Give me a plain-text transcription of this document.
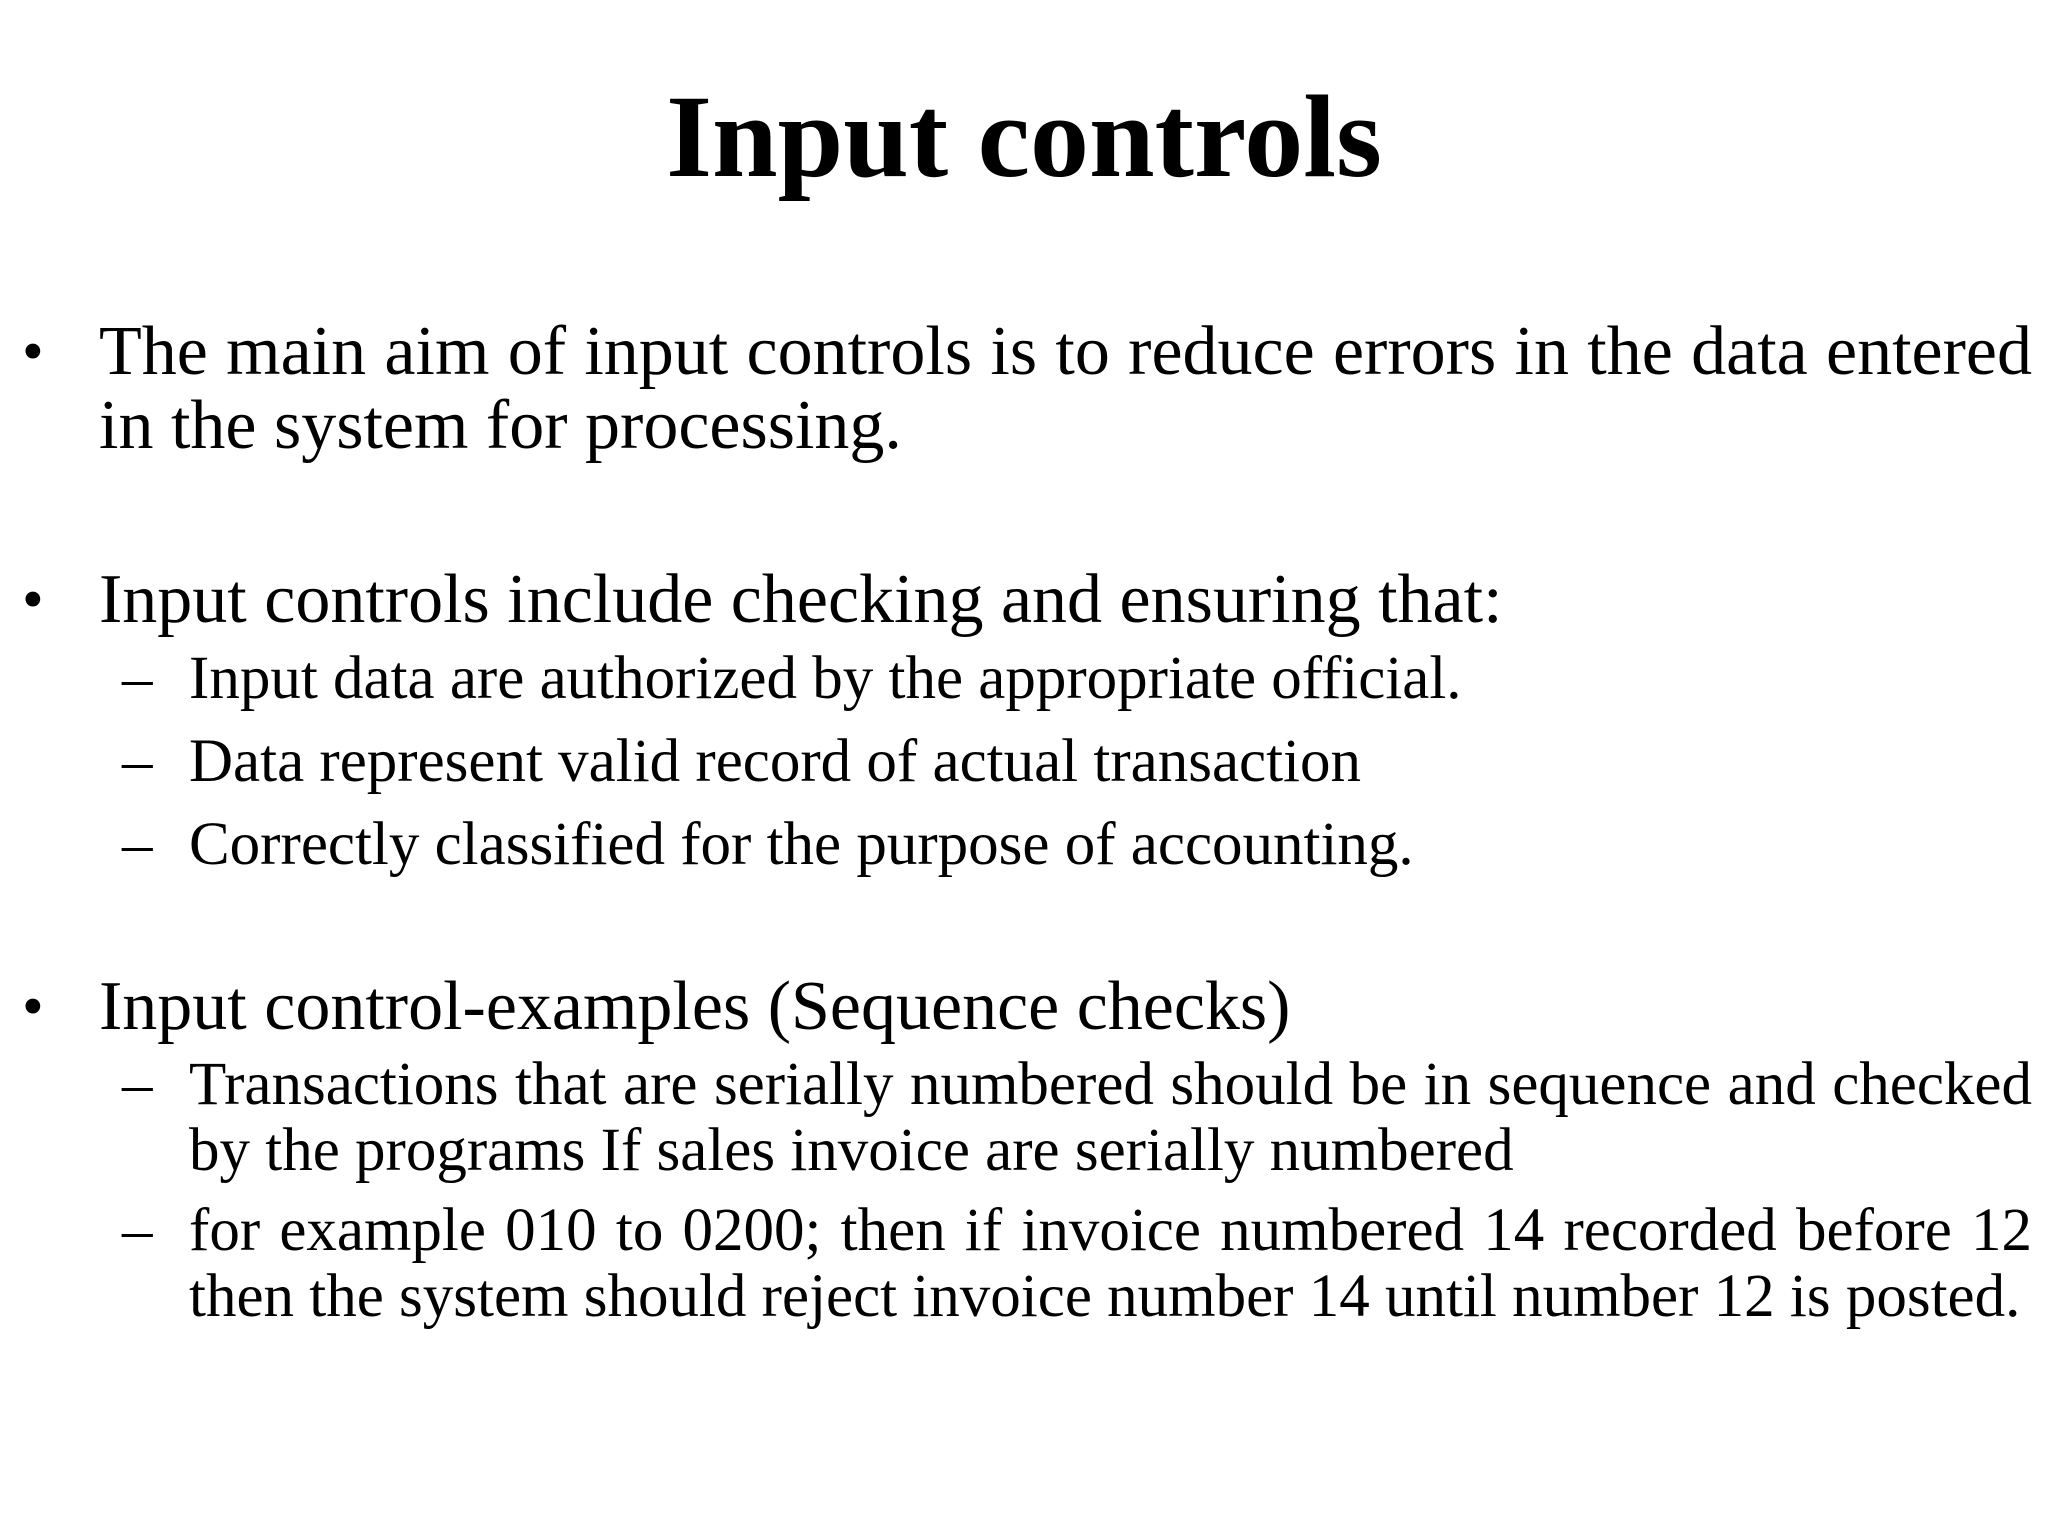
Input controls
• The main aim of input controls is to reduce errors in the data entered in the system for processing.
• Input controls include checking and ensuring that:
– Input data are authorized by the appropriate official.
– Data represent valid record of actual transaction
– Correctly classified for the purpose of accounting.
• Input control-examples (Sequence checks)
– Transactions that are serially numbered should be in sequence and checked by the programs If sales invoice are serially numbered
– for example 010 to 0200; then if invoice numbered 14 recorded before 12 then the system should reject invoice number 14 until number 12 is posted.
